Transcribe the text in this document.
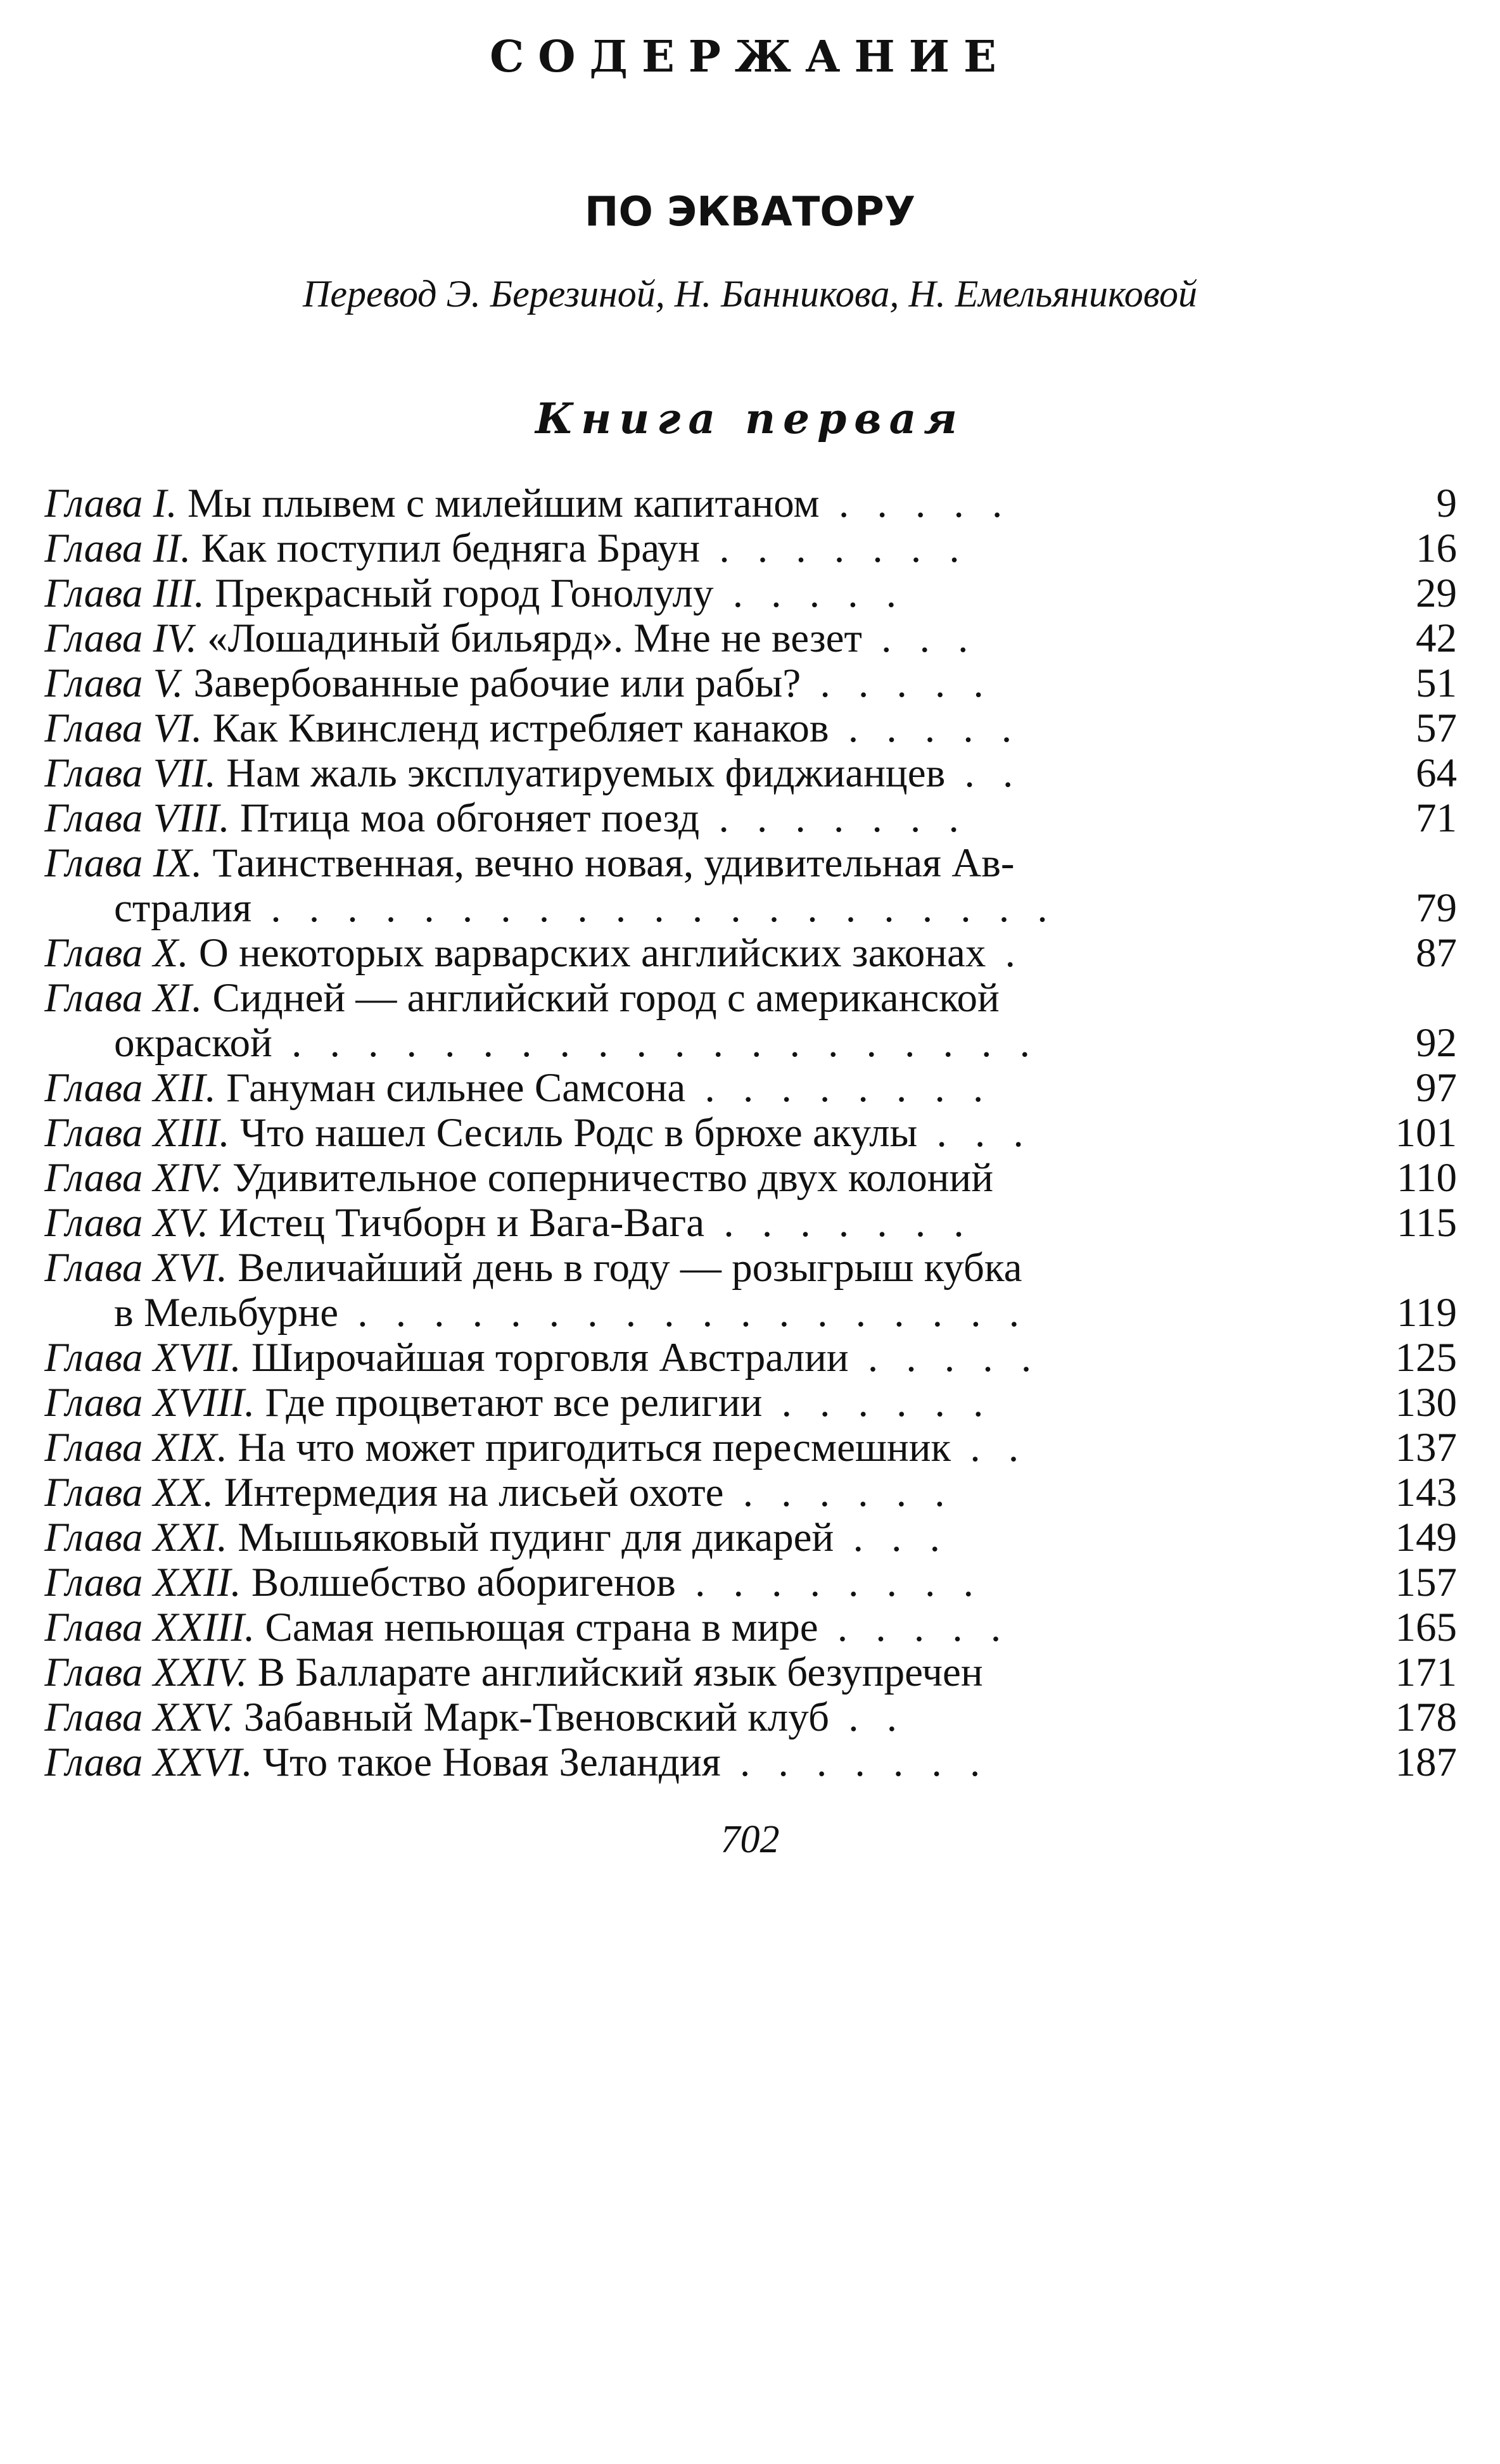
СОДЕРЖАНИЕ
ПО ЭКВАТОРУ
Перевод Э. Березиной, Н. Банникова, Н. Емельяниковой
Книга первая
Глава I. Мы плывем с милейшим капитаном . . . . .	9
Глава II. Как поступил бедняга Браун . . . . . . .	16
Глава III. Прекрасный город Гонолулу . . . . .	29
Глава IV. «Лошадиный бильярд». Мне не везет . . .	42
Глава V. Завербованные рабочие или рабы? . . . . .	51
Глава VI. Как Квинсленд истребляет канаков . . . . .	57
Глава VII. Нам жаль эксплуатируемых фиджианцев . .	64
Глава VIII. Птица моа обгоняет поезд . . . . . . .	71
Глава IX. Таинственная, вечно новая, удивительная Ав-
стралия . . . . . . . . . . . . . . . . . . . . .	79
Глава X. О некоторых варварских английских законах .	87
Глава XI. Сидней — английский город с американской
окраской . . . . . . . . . . . . . . . . . . . .	92
Глава XII. Ганумaн сильнее Самсона . . . . . . . .	97
Глава XIII. Что нашел Сесиль Родс в брюхе акулы . . .	101
Глава XIV. Удивительное соперничество двух колоний	110
Глава XV. Истец Тичборн и Вага-Вага . . . . . . .	115
Глава XVI. Величайший день в году — розыгрыш кубка
в Мельбурне . . . . . . . . . . . . . . . . . .	119
Глава XVII. Широчайшая торговля Австралии . . . . .	125
Глава XVIII. Где процветают все религии . . . . . .	130
Глава XIX. На что может пригодиться пересмешник . .	137
Глава XX. Интермедия на лисьей охоте . . . . . .	143
Глава XXI. Мышьяковый пудинг для дикарей . . .	149
Глава XXII. Волшебство аборигенов . . . . . . . .	157
Глава XXIII. Самая непьющая страна в мире . . . . .	165
Глава XXIV. В Балларате английский язык безупречен	171
Глава XXV. Забавный Марк-Твеновский клуб . .	178
Глава XXVI. Что такое Новая Зеландия . . . . . . .	187
702
